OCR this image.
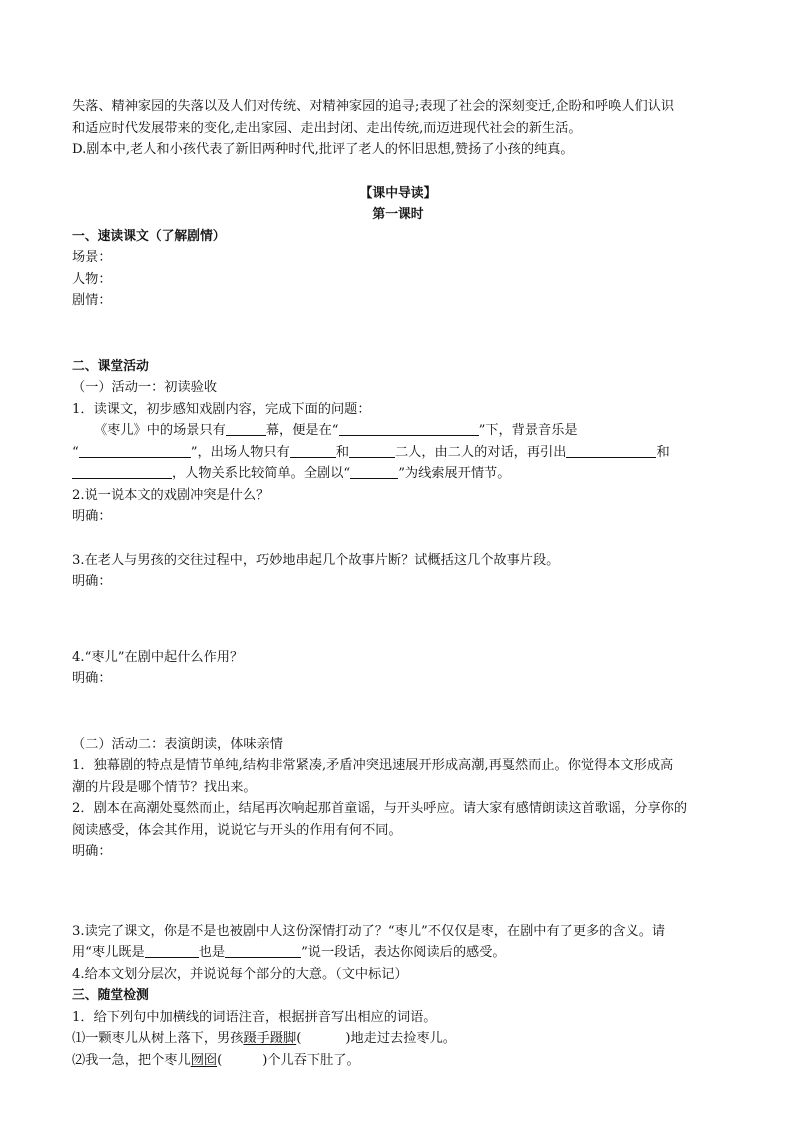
失落、精神家园的失落以及人们对传统、对精神家园的追寻;表现了社会的深刻变迁,企盼和呼唤人们认识

和适应时代发展带来的变化,走出家园、走出封闭、走出传统,而迈进现代社会的新生活。

D.剧本中,老人和小孩代表了新旧两种时代,批评了老人的怀旧思想,赞扬了小孩的纯真。

【课中导读】

第一课时

一、速读课文（了解剧情）

场景：

人物：

剧情：

二、课堂活动

（一）活动一：初读验收

1．读课文，初步感知戏剧内容，完成下面的问题：

《枣儿》中的场景只有	幕，便是在“	”下，背景音乐是

“	”，出场人物只有	和	二人，由二人的对话，再引出	和

，人物关系比较简单。全剧以“	”为线索展开情节。

2.说一说本文的戏剧冲突是什么？

明确：

3.在老人与男孩的交往过程中，巧妙地串起几个故事片断？试概括这几个故事片段。

明确：

4.“枣儿”在剧中起什么作用？

明确：

（二）活动二：表演朗读，体味亲情

1．独幕剧的特点是情节单纯,结构非常紧凑,矛盾冲突迅速展开形成高潮,再戛然而止。你觉得本文形成高

潮的片段是哪个情节？找出来。

2．剧本在高潮处戛然而止，结尾再次响起那首童谣，与开头呼应。请大家有感情朗读这首歌谣，分享你的

阅读感受，体会其作用，说说它与开头的作用有何不同。

明确：

3.读完了课文，你是不是也被剧中人这份深情打动了？“枣儿”不仅仅是枣，在剧中有了更多的含义。请

用“枣儿既是	也是	”说一段话，表达你阅读后的感受。

4.给本文划分层次，并说说每个部分的大意。（文中标记）

三、随堂检测

1．给下列句中加横线的词语注音，根据拼音写出相应的词语。

⑴一颗枣儿从树上落下，男孩蹑手蹑脚(	)地走过去捡枣儿。

⑵我一急，把个枣儿囫囵(	)个儿吞下肚了。
